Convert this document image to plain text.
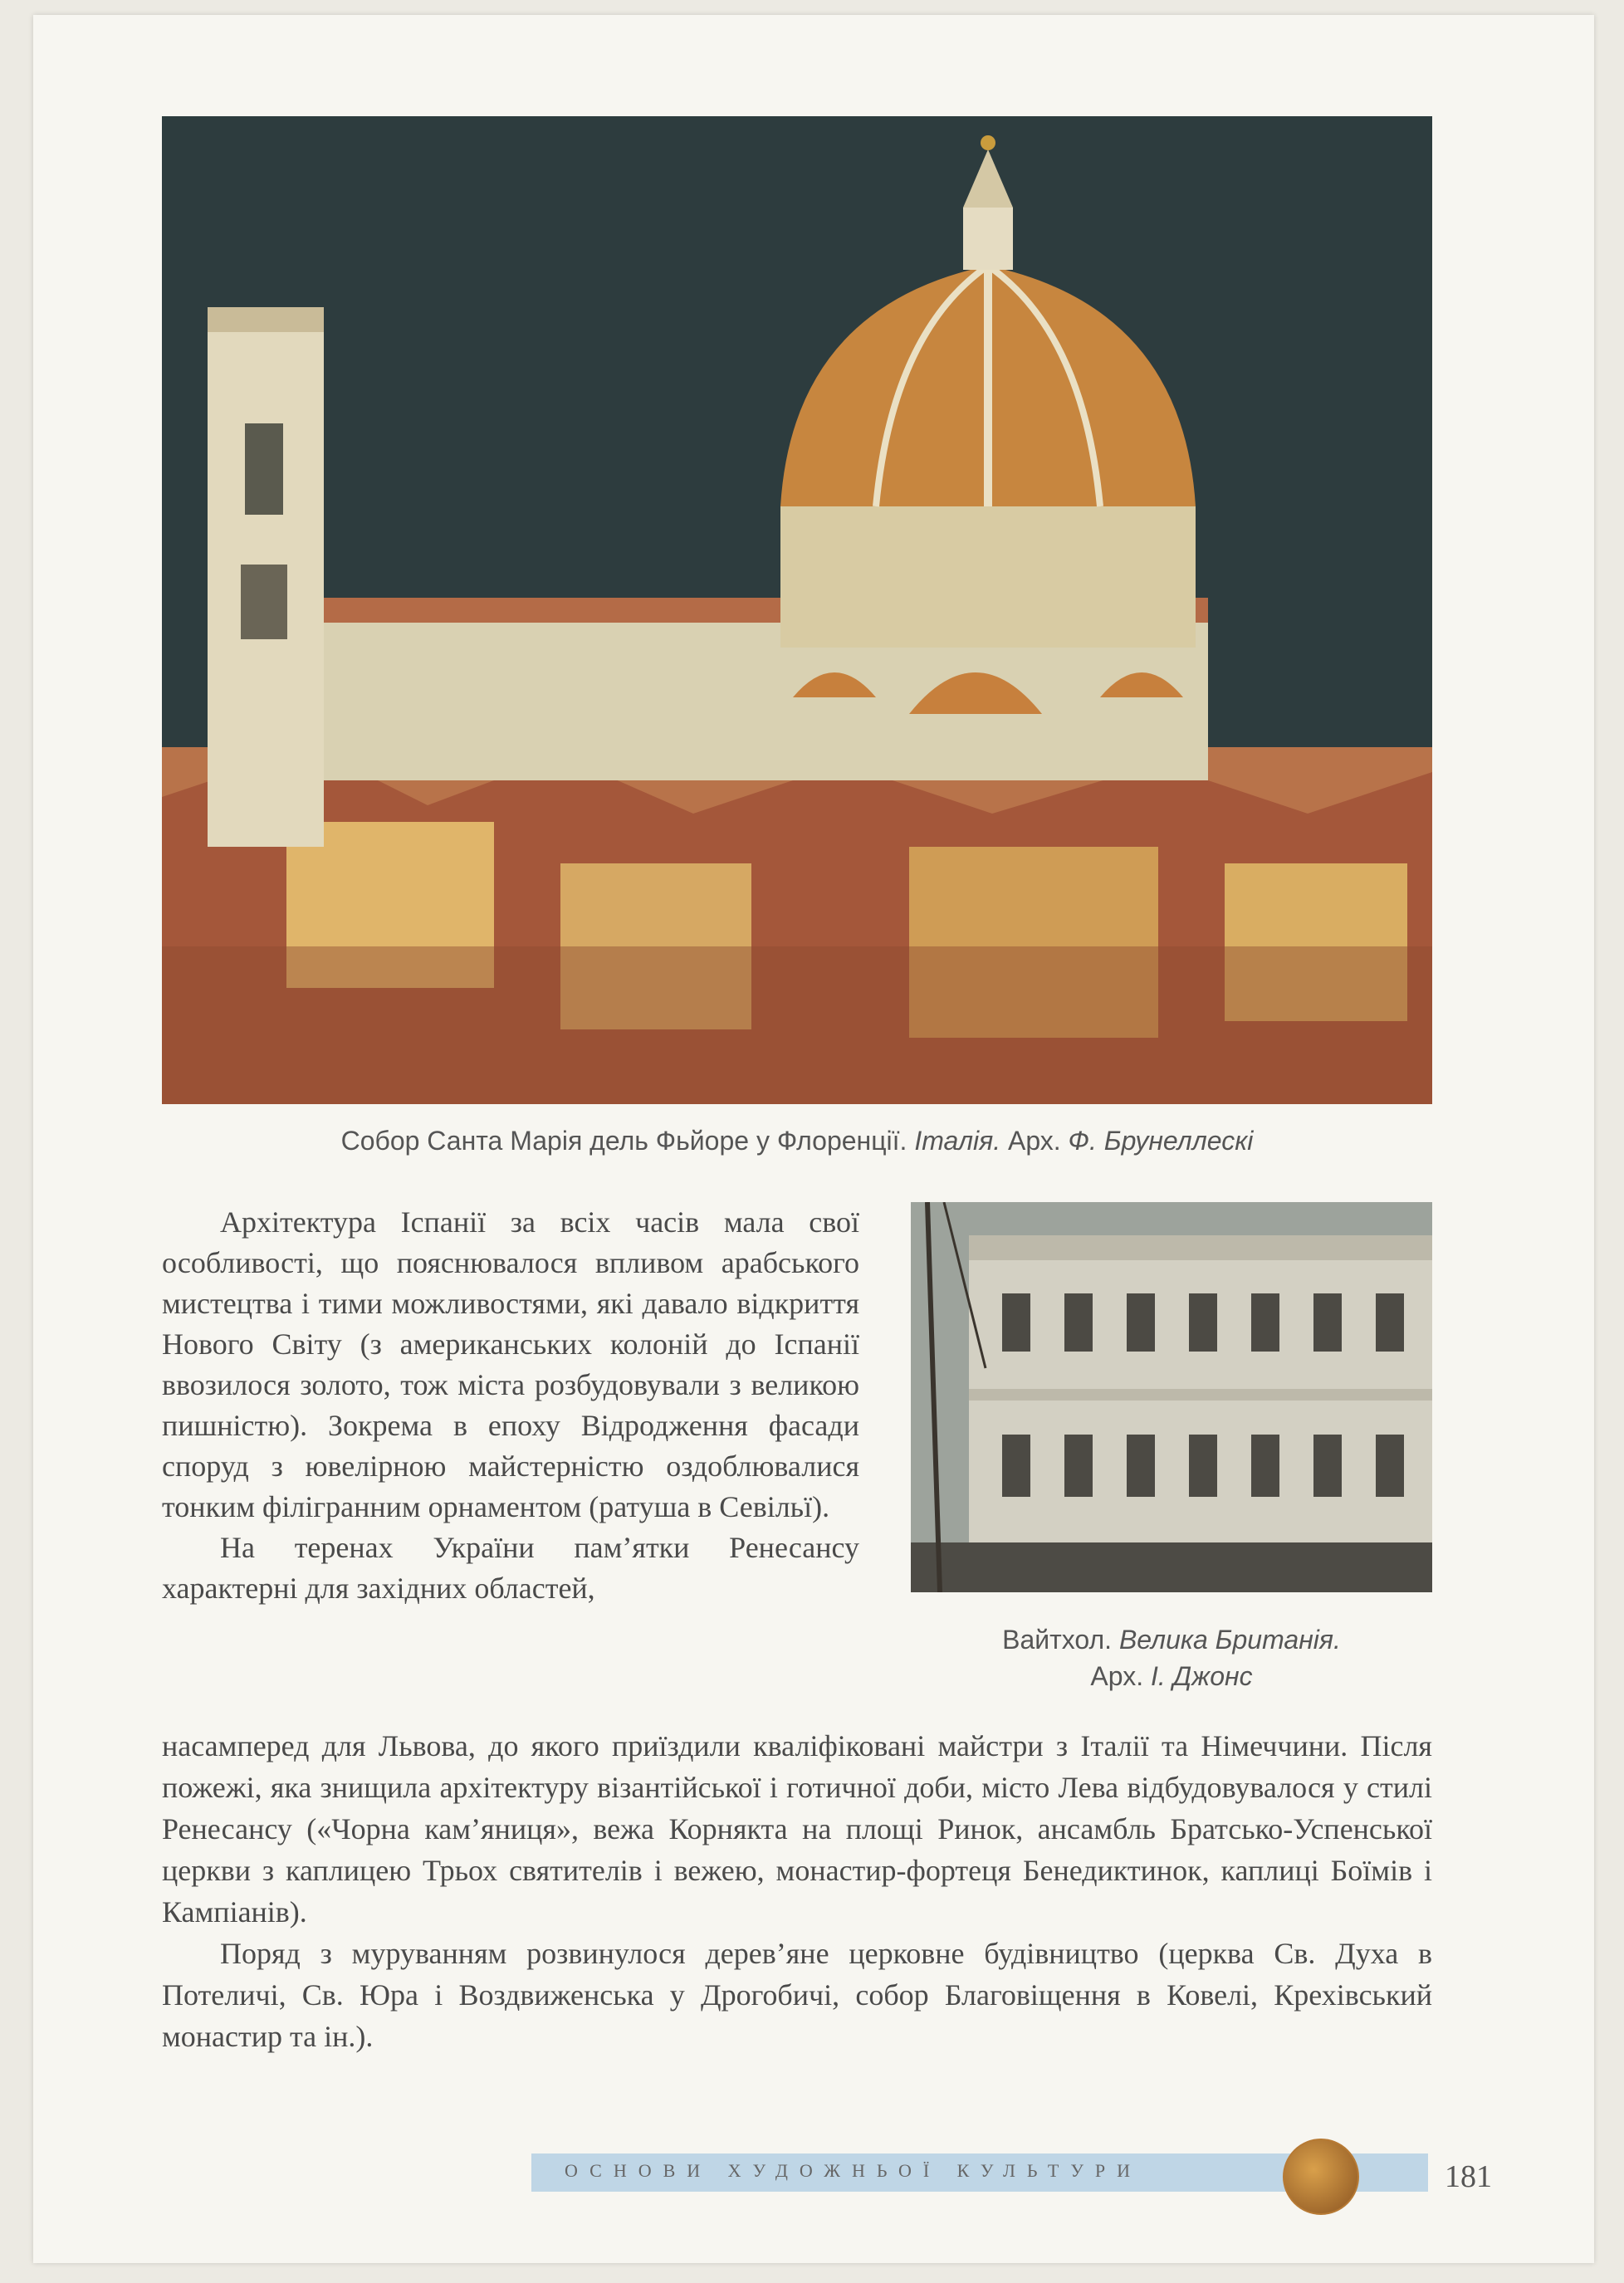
Собор Санта Марія дель Фьйоре у Флоренції. Італія. Арх. Ф. Брунеллескі

Архітектура Іспанії за всіх часів мала свої особливості, що пояснювалося впливом арабського мистецтва і тими можливостями, які давало відкриття Нового Світу (з американських колоній до Іспанії ввозилося золото, тож міста розбудовували з великою пишністю). Зокрема в епоху Відродження фасади споруд з ювелірною майстерністю оздоблювалися тонким філігранним орнаментом (ратуша в Севільї).

На теренах України пам’ятки Ренесансу характерні для західних областей,

Вайтхол. Велика Британія.
Арх. І. Джонс

насамперед для Львова, до якого приїздили кваліфіковані майстри з Італії та Німеччини. Після пожежі, яка знищила архітектуру візантійської і готичної доби, місто Лева відбудовувалося у стилі Ренесансу («Чорна кам’яниця», вежа Корнякта на площі Ринок, ансамбль Братсько-Успенської церкви з каплицею Трьох святителів і вежею, монастир-фортеця Бенедиктинок, каплиці Боїмів і Кампіанів).

Поряд з муруванням розвинулося дерев’яне церковне будівництво (церква Св. Духа в Потеличі, Св. Юра і Воздвиженська у Дрогобичі, собор Благовіщення в Ковелі, Крехівський монастир та ін.).

ОСНОВИ ХУДОЖНЬОЇ КУЛЬТУРИ	181
